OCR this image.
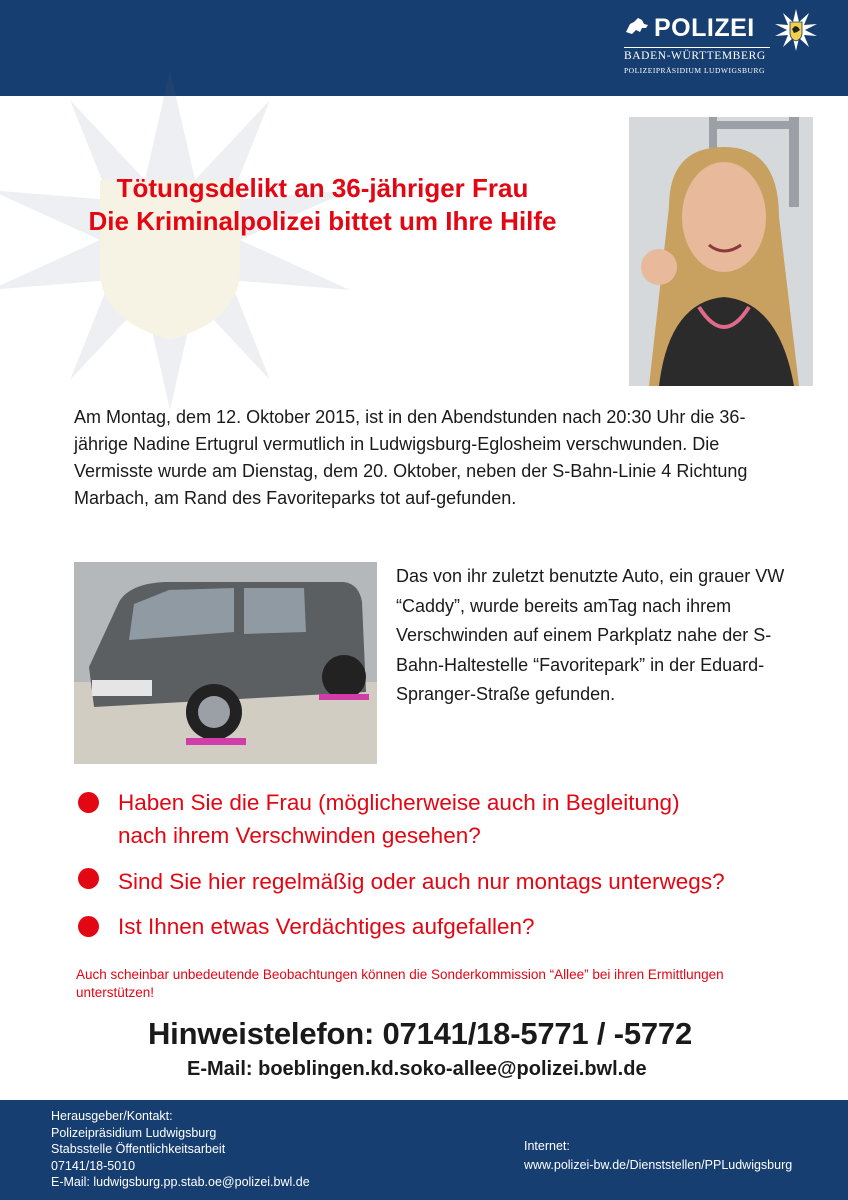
POLIZEI
BADEN-WÜRTTEMBERG
POLIZEIPRÄSIDIUM LUDWIGSBURG
Tötungsdelikt an 36-jähriger Frau
Die Kriminalpolizei bittet um Ihre Hilfe

Am Montag, dem 12. Oktober 2015, ist in den Abendstunden nach 20:30 Uhr die 36-jährige Nadine Ertugrul vermutlich in Ludwigsburg-Eglosheim verschwunden. Die Vermisste wurde am Dienstag, dem 20. Oktober, neben der S-Bahn-Linie 4 Richtung Marbach, am Rand des Favoriteparks tot auf-gefunden.

Das von ihr zuletzt benutzte Auto, ein grauer VW “Caddy”, wurde bereits amTag nach ihrem Verschwinden auf einem Parkplatz nahe der S-Bahn-Haltestelle “Favoritepark” in der Eduard-Spranger-Straße gefunden.

Haben Sie die Frau (möglicherweise auch in Begleitung)
nach ihrem Verschwinden gesehen?
Sind Sie hier regelmäßig oder auch nur montags unterwegs?
Ist Ihnen etwas Verdächtiges aufgefallen?

Auch scheinbar unbedeutende Beobachtungen können die Sonderkommission “Allee” bei ihren Ermittlungen unterstützen!

Hinweistelefon: 07141/18-5771 / -5772
E-Mail: boeblingen.kd.soko-allee@polizei.bwl.de
Herausgeber/Kontakt:
Polizeipräsidium Ludwigsburg
Stabsstelle Öffentlichkeitsarbeit
07141/18-5010
E-Mail: ludwigsburg.pp.stab.oe@polizei.bwl.de
Internet:
www.polizei-bw.de/Dienststellen/PPLudwigsburg
